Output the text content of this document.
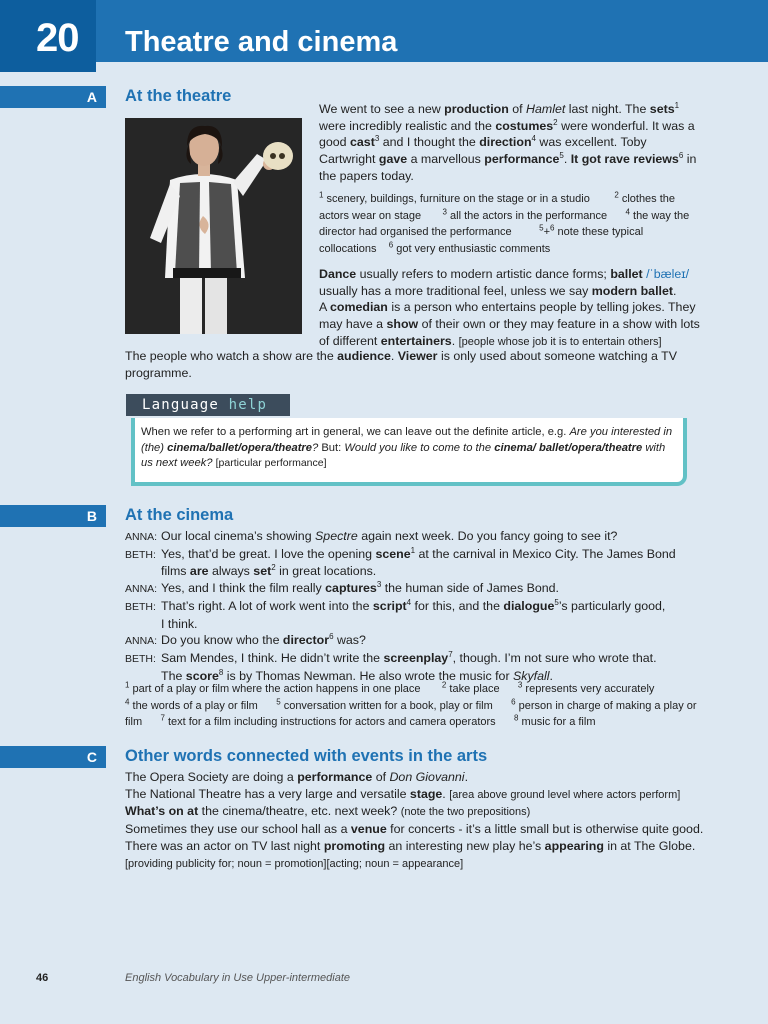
20 Theatre and cinema
A	At the theatre
We went to see a new production of Hamlet last night. The sets$^1$ were incredibly realistic and the costumes$^2$ were wonderful. It was a good cast$^3$ and I thought the direction$^4$ was excellent. Toby Cartwright gave a marvellous performance$^5$. It got rave reviews$^6$ in the papers today.
$^1$ scenery, buildings, furniture on the stage or in a studio        $^2$ clothes the actors wear on stage       $^3$ all the actors in the performance      $^4$ the way the director had organised the performance         $^5$+$^6$ note these typical collocations    $^6$ got very enthusiastic comments
Dance usually refers to modern artistic dance forms; ballet /ˈbæleɪ/ usually has a more traditional feel, unless we say modern ballet.
A comedian is a person who entertains people by telling jokes. They may have a show of their own or they may feature in a show with lots of different entertainers. [people whose job it is to entertain others]
The people who watch a show are the audience. Viewer is only used about someone watching a TV programme.
Language help
When we refer to a performing art in general, we can leave out the definite article, e.g. Are you interested in (the) cinema/ballet/opera/theatre? But: Would you like to come to the cinema/ ballet/opera/theatre with us next week? [particular performance]
B	At the cinema
ANNA: Our local cinema’s showing Spectre again next week. Do you fancy going to see it?
BETH: Yes, that’d be great. I love the opening scene$^1$ at the carnival in Mexico City. The James Bond
films are always set$^2$ in great locations.
ANNA: Yes, and I think the film really captures$^3$ the human side of James Bond.
BETH: That’s right. A lot of work went into the script$^4$ for this, and the dialogue$^5$’s particularly good,
I think.
ANNA: Do you know who the director$^6$ was?
BETH: Sam Mendes, I think. He didn’t write the screenplay$^7$, though. I’m not sure who wrote that.
The score$^8$ is by Thomas Newman. He also wrote the music for Skyfall.
$^1$ part of a play or film where the action happens in one place       $^2$ take place      $^3$ represents very accurately
$^4$ the words of a play or film      $^5$ conversation written for a book, play or film      $^6$ person in charge of making a play or film      $^7$ text for a film including instructions for actors and camera operators      $^8$ music for a film
C	Other words connected with events in the arts
The Opera Society are doing a performance of Don Giovanni.
The National Theatre has a very large and versatile stage. [area above ground level where actors perform]
What’s on at the cinema/theatre, etc. next week? (note the two prepositions)
Sometimes they use our school hall as a venue for concerts - it’s a little small but is otherwise quite good.
There was an actor on TV last night promoting an interesting new play he’s appearing in at The Globe.
[providing publicity for; noun = promotion][acting; noun = appearance]
46	English Vocabulary in Use Upper-intermediate
